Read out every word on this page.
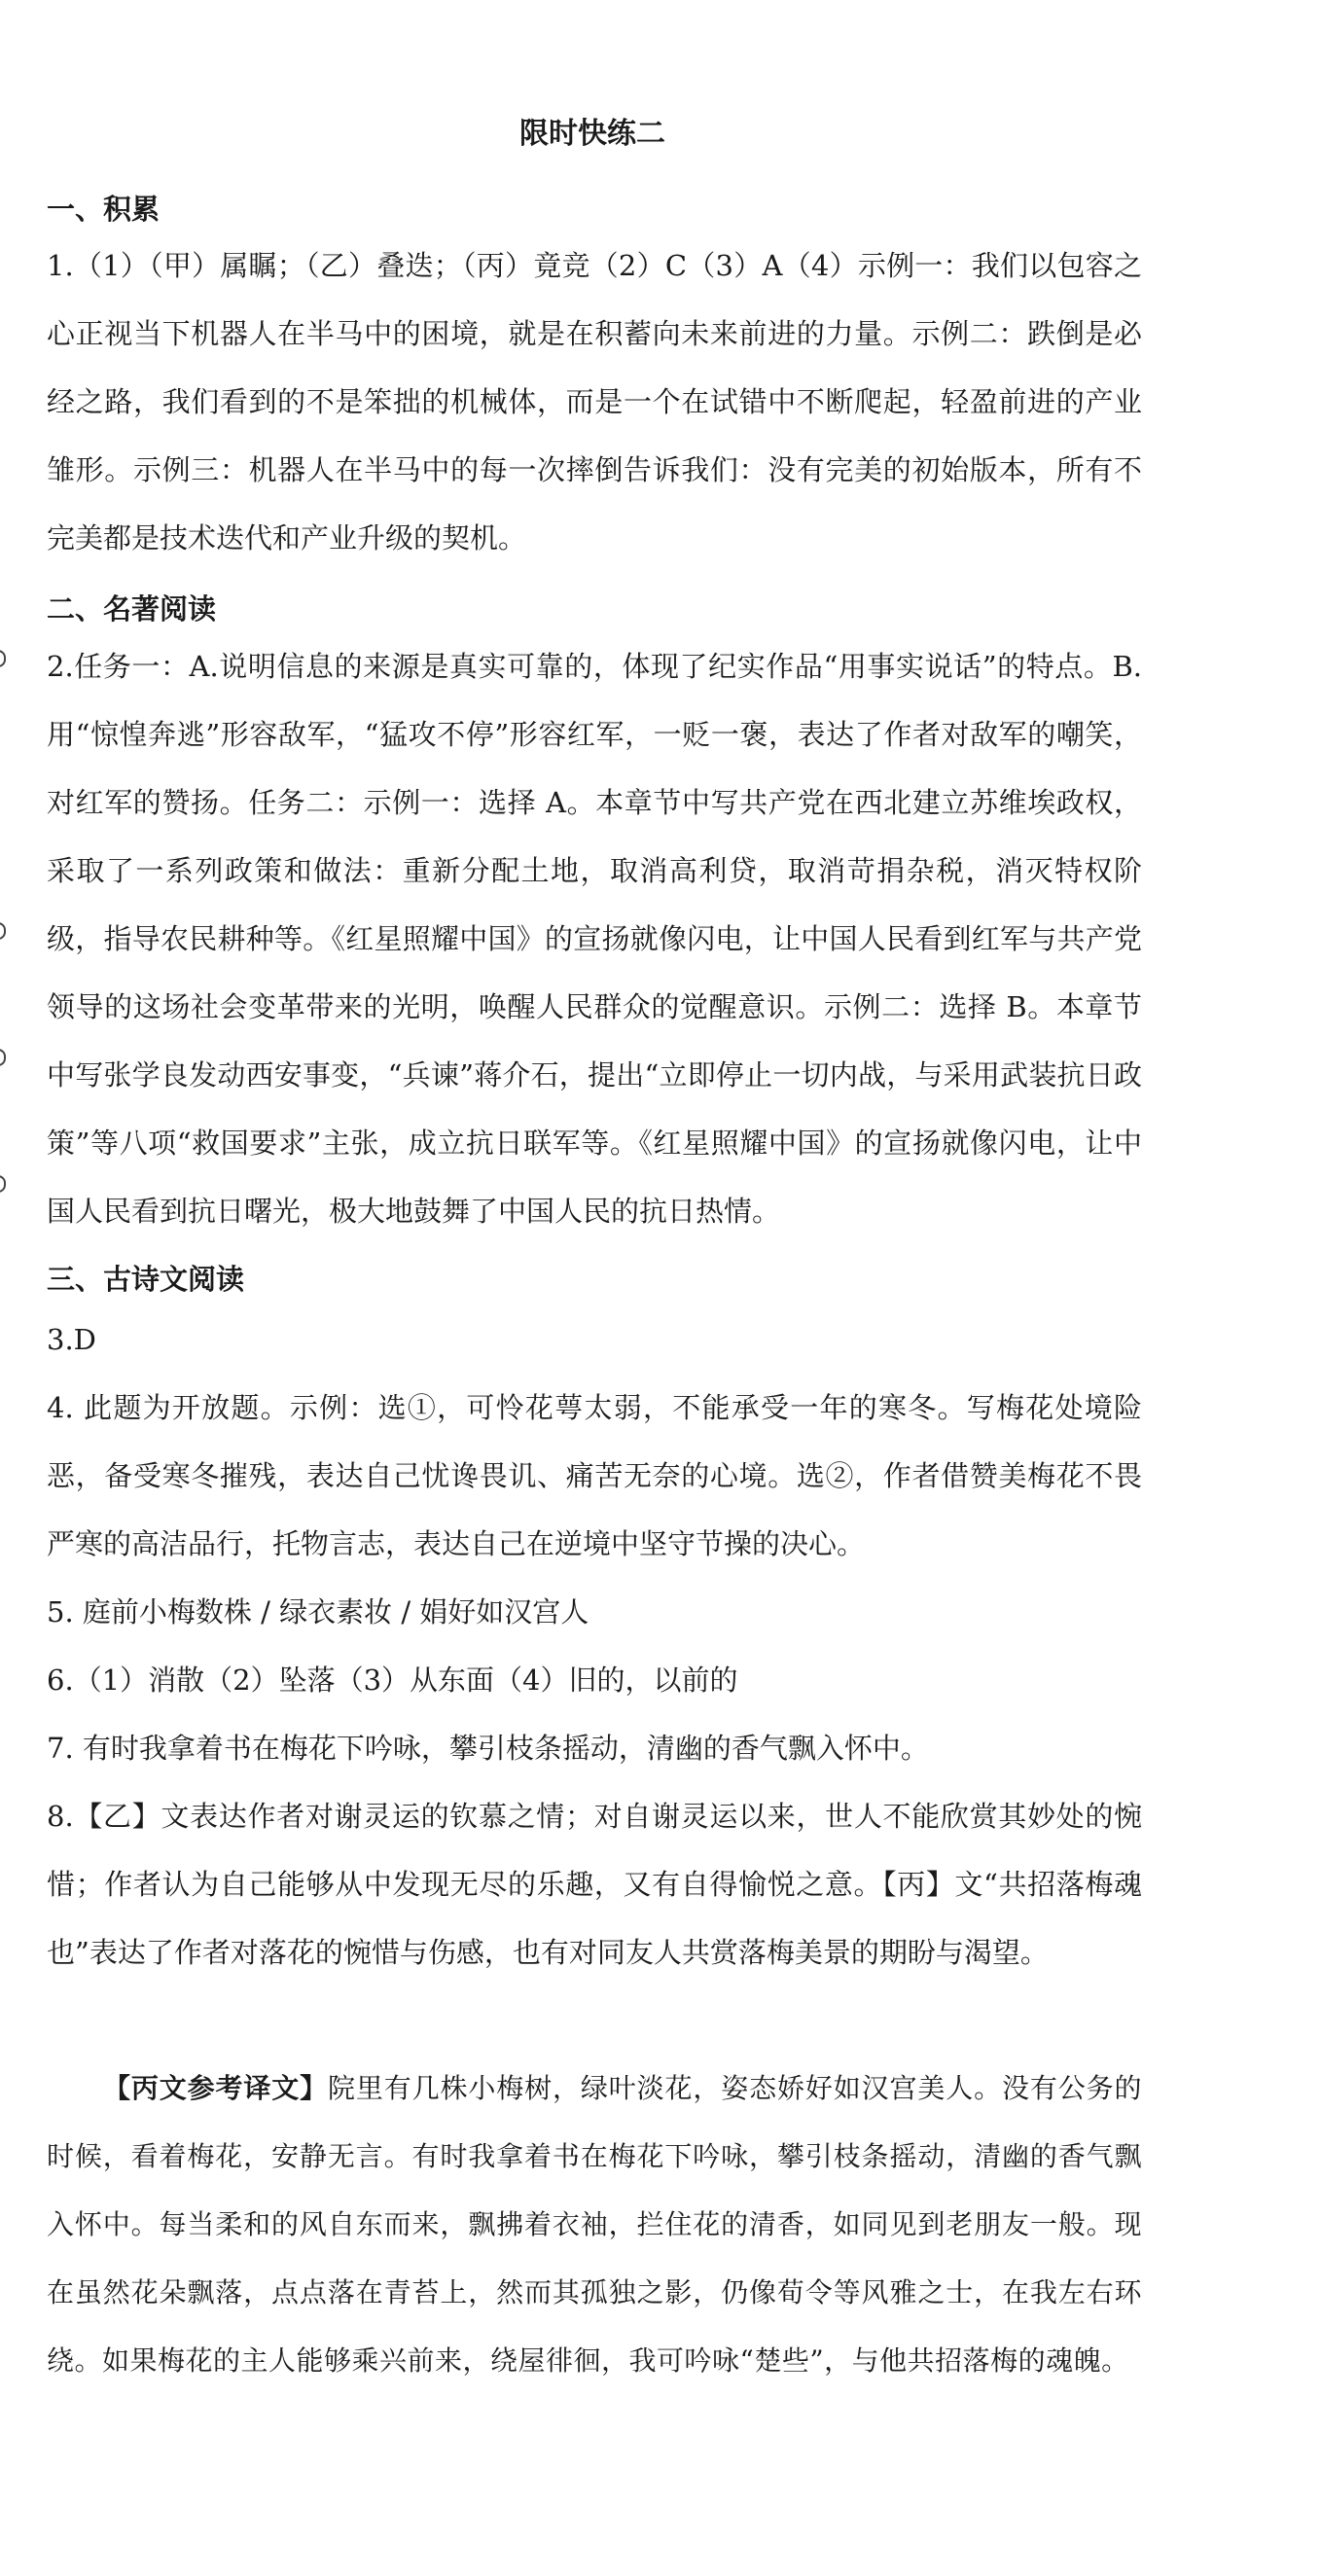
限时快练二
一、积累

1.（1）（甲）属瞩；（乙）叠迭；（丙）竟竞（2）C（3）A（4）示例一：我们以包容之心正视当下机器人在半马中的困境，就是在积蓄向未来前进的力量。示例二：跌倒是必经之路，我们看到的不是笨拙的机械体，而是一个在试错中不断爬起，轻盈前进的产业雏形。示例三：机器人在半马中的每一次摔倒告诉我们：没有完美的初始版本，所有不完美都是技术迭代和产业升级的契机。

二、名著阅读

2.任务一：A.说明信息的来源是真实可靠的，体现了纪实作品“用事实说话”的特点。B.用“惊惶奔逃”形容敌军，“猛攻不停”形容红军，一贬一褒，表达了作者对敌军的嘲笑，对红军的赞扬。任务二：示例一：选择 A。本章节中写共产党在西北建立苏维埃政权，采取了一系列政策和做法：重新分配土地，取消高利贷，取消苛捐杂税，消灭特权阶级，指导农民耕种等。《红星照耀中国》的宣扬就像闪电，让中国人民看到红军与共产党领导的这场社会变革带来的光明，唤醒人民群众的觉醒意识。示例二：选择 B。本章节中写张学良发动西安事变，“兵谏”蒋介石，提出“立即停止一切内战，与采用武装抗日政策”等八项“救国要求”主张，成立抗日联军等。《红星照耀中国》的宣扬就像闪电，让中国人民看到抗日曙光，极大地鼓舞了中国人民的抗日热情。

三、古诗文阅读

3.D

4. 此题为开放题。示例：选①，可怜花萼太弱，不能承受一年的寒冬。写梅花处境险恶，备受寒冬摧残，表达自己忧谗畏讥、痛苦无奈的心境。选②，作者借赞美梅花不畏严寒的高洁品行，托物言志，表达自己在逆境中坚守节操的决心。

5. 庭前小梅数株 / 绿衣素妆 / 娟好如汉宫人

6.（1）消散（2）坠落（3）从东面（4）旧的，以前的

7. 有时我拿着书在梅花下吟咏，攀引枝条摇动，清幽的香气飘入怀中。

8.【乙】文表达作者对谢灵运的钦慕之情；对自谢灵运以来，世人不能欣赏其妙处的惋惜；作者认为自己能够从中发现无尽的乐趣，又有自得愉悦之意。【丙】文“共招落梅魂也”表达了作者对落花的惋惜与伤感，也有对同友人共赏落梅美景的期盼与渴望。

【丙文参考译文】院里有几株小梅树，绿叶淡花，姿态娇好如汉宫美人。没有公务的时候，看着梅花，安静无言。有时我拿着书在梅花下吟咏，攀引枝条摇动，清幽的香气飘入怀中。每当柔和的风自东而来，飘拂着衣袖，拦住花的清香，如同见到老朋友一般。现在虽然花朵飘落，点点落在青苔上，然而其孤独之影，仍像荀令等风雅之士，在我左右环绕。如果梅花的主人能够乘兴前来，绕屋徘徊，我可吟咏“楚些”，与他共招落梅的魂魄。
